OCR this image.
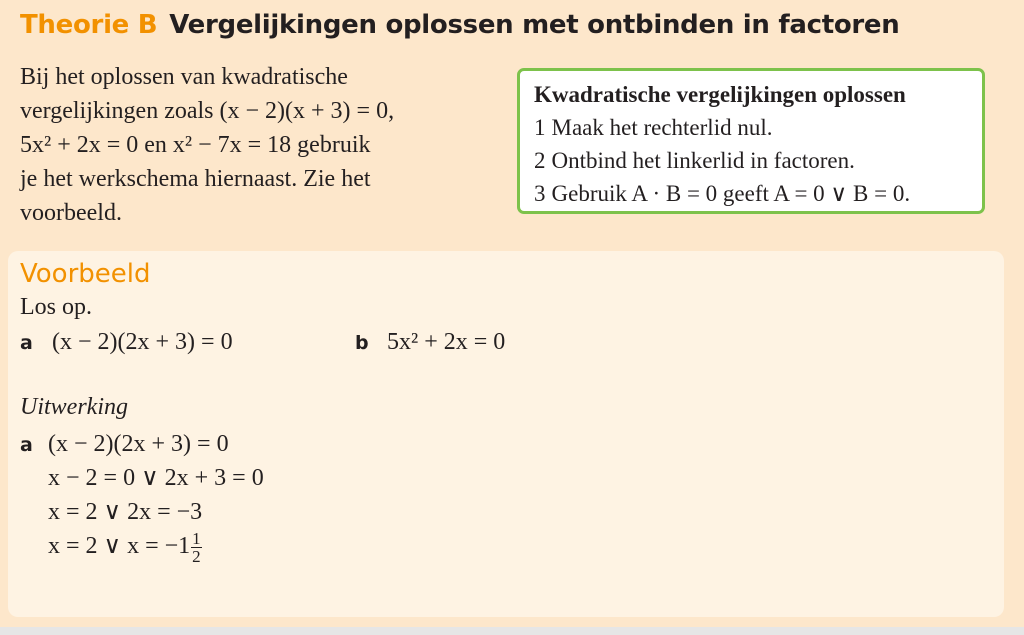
Theorie B Vergelijkingen oplossen met ontbinden in factoren

Bij het oplossen van kwadratische

vergelijkingen zoals (x − 2)(x + 3) = 0,

5x² + 2x = 0 en x² − 7x = 18 gebruik

je het werkschema hiernaast. Zie het

voorbeeld.

Kwadratische vergelijkingen oplossen
1 Maak het rechterlid nul.
2 Ontbind het linkerlid in factoren.
3 Gebruik A · B = 0 geeft A = 0 ∨ B = 0.
Voorbeeld
Los op.
a (x − 2)(2x + 3) = 0	b 5x² + 2x = 0
Uitwerking
a (x − 2)(2x + 3) = 0
x − 2 = 0 ∨ 2x + 3 = 0
x = 2 ∨ 2x = −3
x = 2 ∨ $x = -1 \frac{1}{2}$
